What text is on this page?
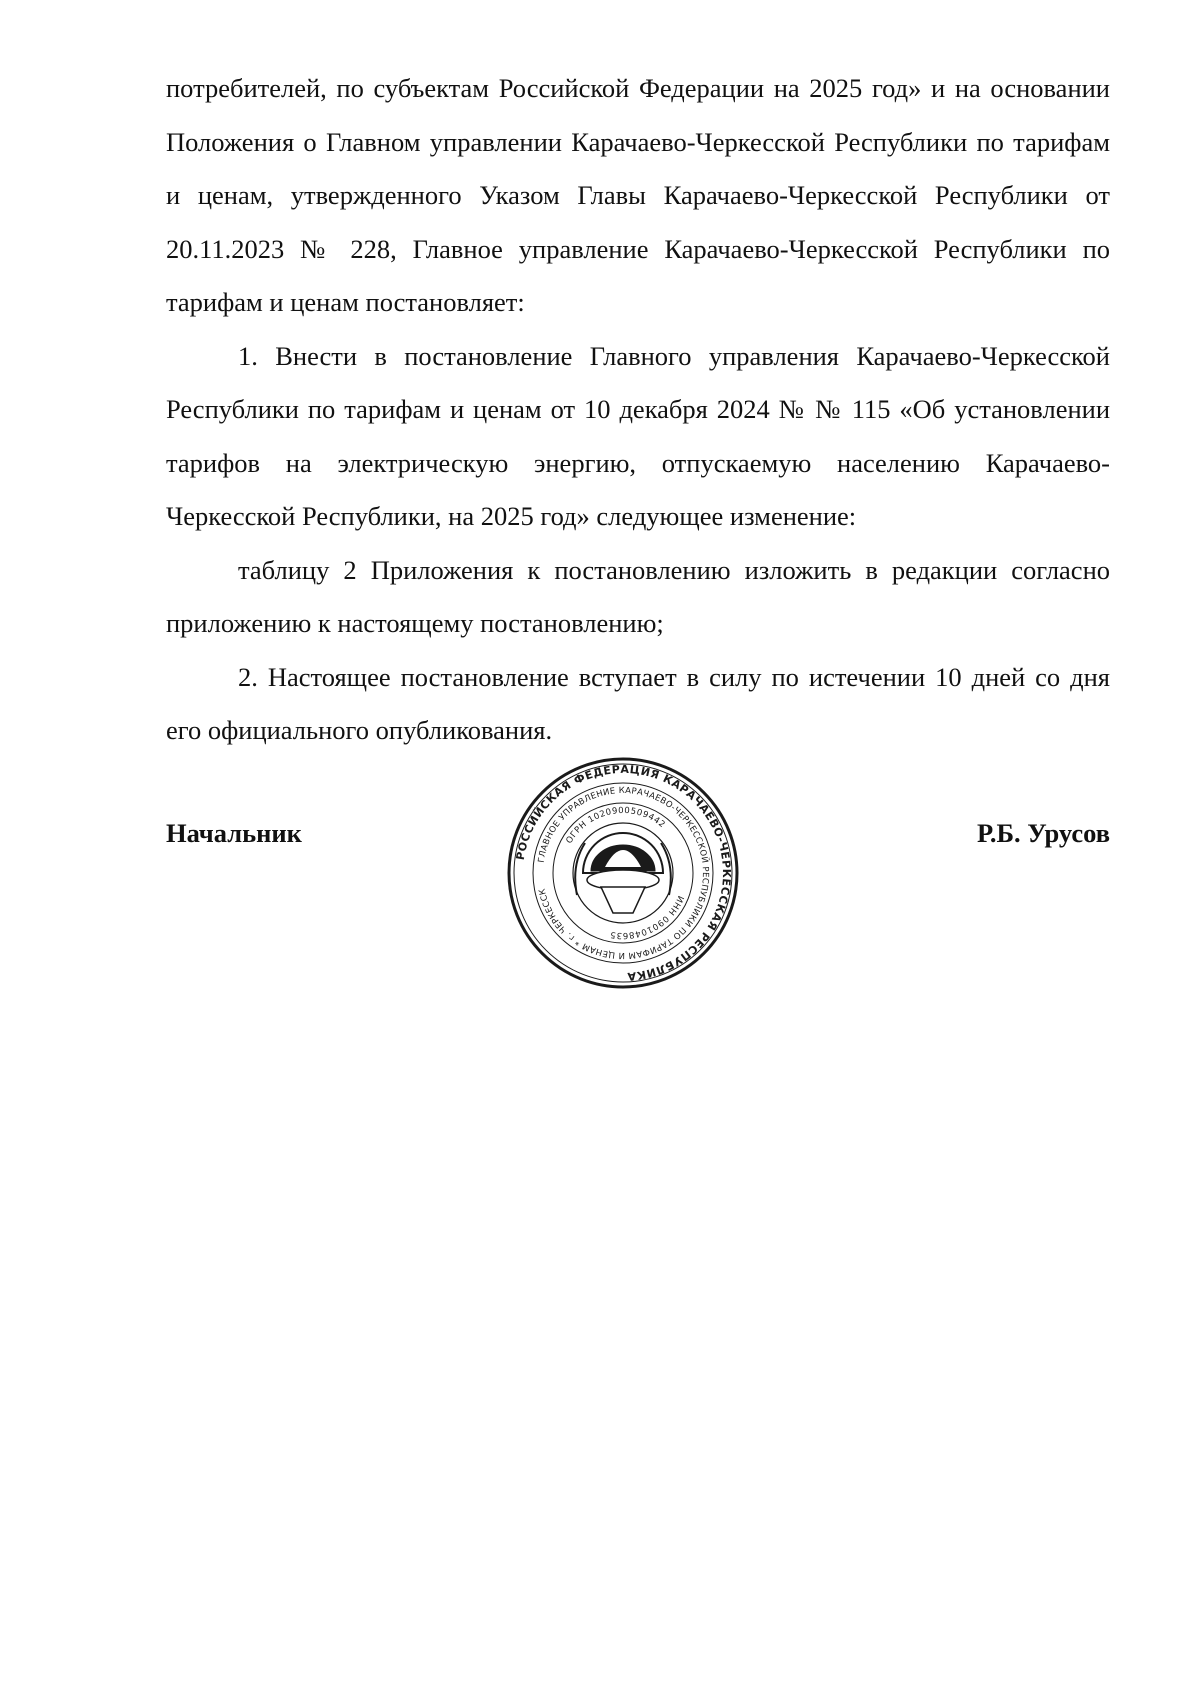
потребителей, по субъектам Российской Федерации на 2025 год» и на основании Положения о Главном управлении Карачаево-Черкесской Республики по тарифам и ценам, утвержденного Указом Главы Карачаево-Черкесской Республики от 20.11.2023 № 228, Главное управление Карачаево-Черкесской Республики по тарифам и ценам постановляет:

1. Внести в постановление Главного управления Карачаево-Черкесской Республики по тарифам и ценам от 10 декабря 2024 № № 115 «Об установлении тарифов на электрическую энергию, отпускаемую населению Карачаево-Черкесской Республики, на 2025 год» следующее изменение:

таблицу 2 Приложения к постановлению изложить в редакции согласно приложению к настоящему постановлению;

2. Настоящее постановление вступает в силу по истечении 10 дней со дня его официального опубликования.

Начальник	Р.Б. Урусов
РОССИЙСКАЯ ФЕДЕРАЦИЯ КАРАЧАЕВО-ЧЕРКЕССКАЯ РЕСПУБЛИКА
ГЛАВНОЕ УПРАВЛЕНИЕ КАРАЧАЕВО-ЧЕРКЕССКОЙ РЕСПУБЛИКИ ПО ТАРИФАМ И ЦЕНАМ * г. ЧЕРКЕССК
ИНН 0901048635
ОГРН 1020900509442
